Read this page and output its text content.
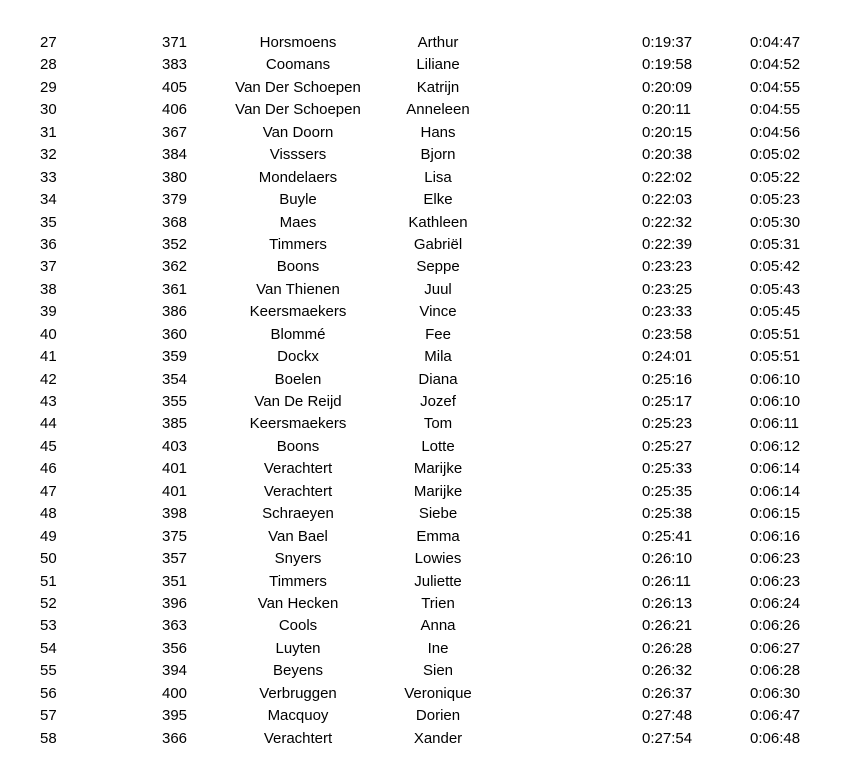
27	371	Horsmoens	Arthur	0:19:37	0:04:47
28	383	Coomans	Liliane	0:19:58	0:04:52
29	405	Van Der Schoepen	Katrijn	0:20:09	0:04:55
30	406	Van Der Schoepen	Anneleen	0:20:11	0:04:55
31	367	Van Doorn	Hans	0:20:15	0:04:56
32	384	Visssers	Bjorn	0:20:38	0:05:02
33	380	Mondelaers	Lisa	0:22:02	0:05:22
34	379	Buyle	Elke	0:22:03	0:05:23
35	368	Maes	Kathleen	0:22:32	0:05:30
36	352	Timmers	Gabriël	0:22:39	0:05:31
37	362	Boons	Seppe	0:23:23	0:05:42
38	361	Van Thienen	Juul	0:23:25	0:05:43
39	386	Keersmaekers	Vince	0:23:33	0:05:45
40	360	Blommé	Fee	0:23:58	0:05:51
41	359	Dockx	Mila	0:24:01	0:05:51
42	354	Boelen	Diana	0:25:16	0:06:10
43	355	Van De Reijd	Jozef	0:25:17	0:06:10
44	385	Keersmaekers	Tom	0:25:23	0:06:11
45	403	Boons	Lotte	0:25:27	0:06:12
46	401	Verachtert	Marijke	0:25:33	0:06:14
47	401	Verachtert	Marijke	0:25:35	0:06:14
48	398	Schraeyen	Siebe	0:25:38	0:06:15
49	375	Van Bael	Emma	0:25:41	0:06:16
50	357	Snyers	Lowies	0:26:10	0:06:23
51	351	Timmers	Juliette	0:26:11	0:06:23
52	396	Van Hecken	Trien	0:26:13	0:06:24
53	363	Cools	Anna	0:26:21	0:06:26
54	356	Luyten	Ine	0:26:28	0:06:27
55	394	Beyens	Sien	0:26:32	0:06:28
56	400	Verbruggen	Veronique	0:26:37	0:06:30
57	395	Macquoy	Dorien	0:27:48	0:06:47
58	366	Verachtert	Xander	0:27:54	0:06:48
